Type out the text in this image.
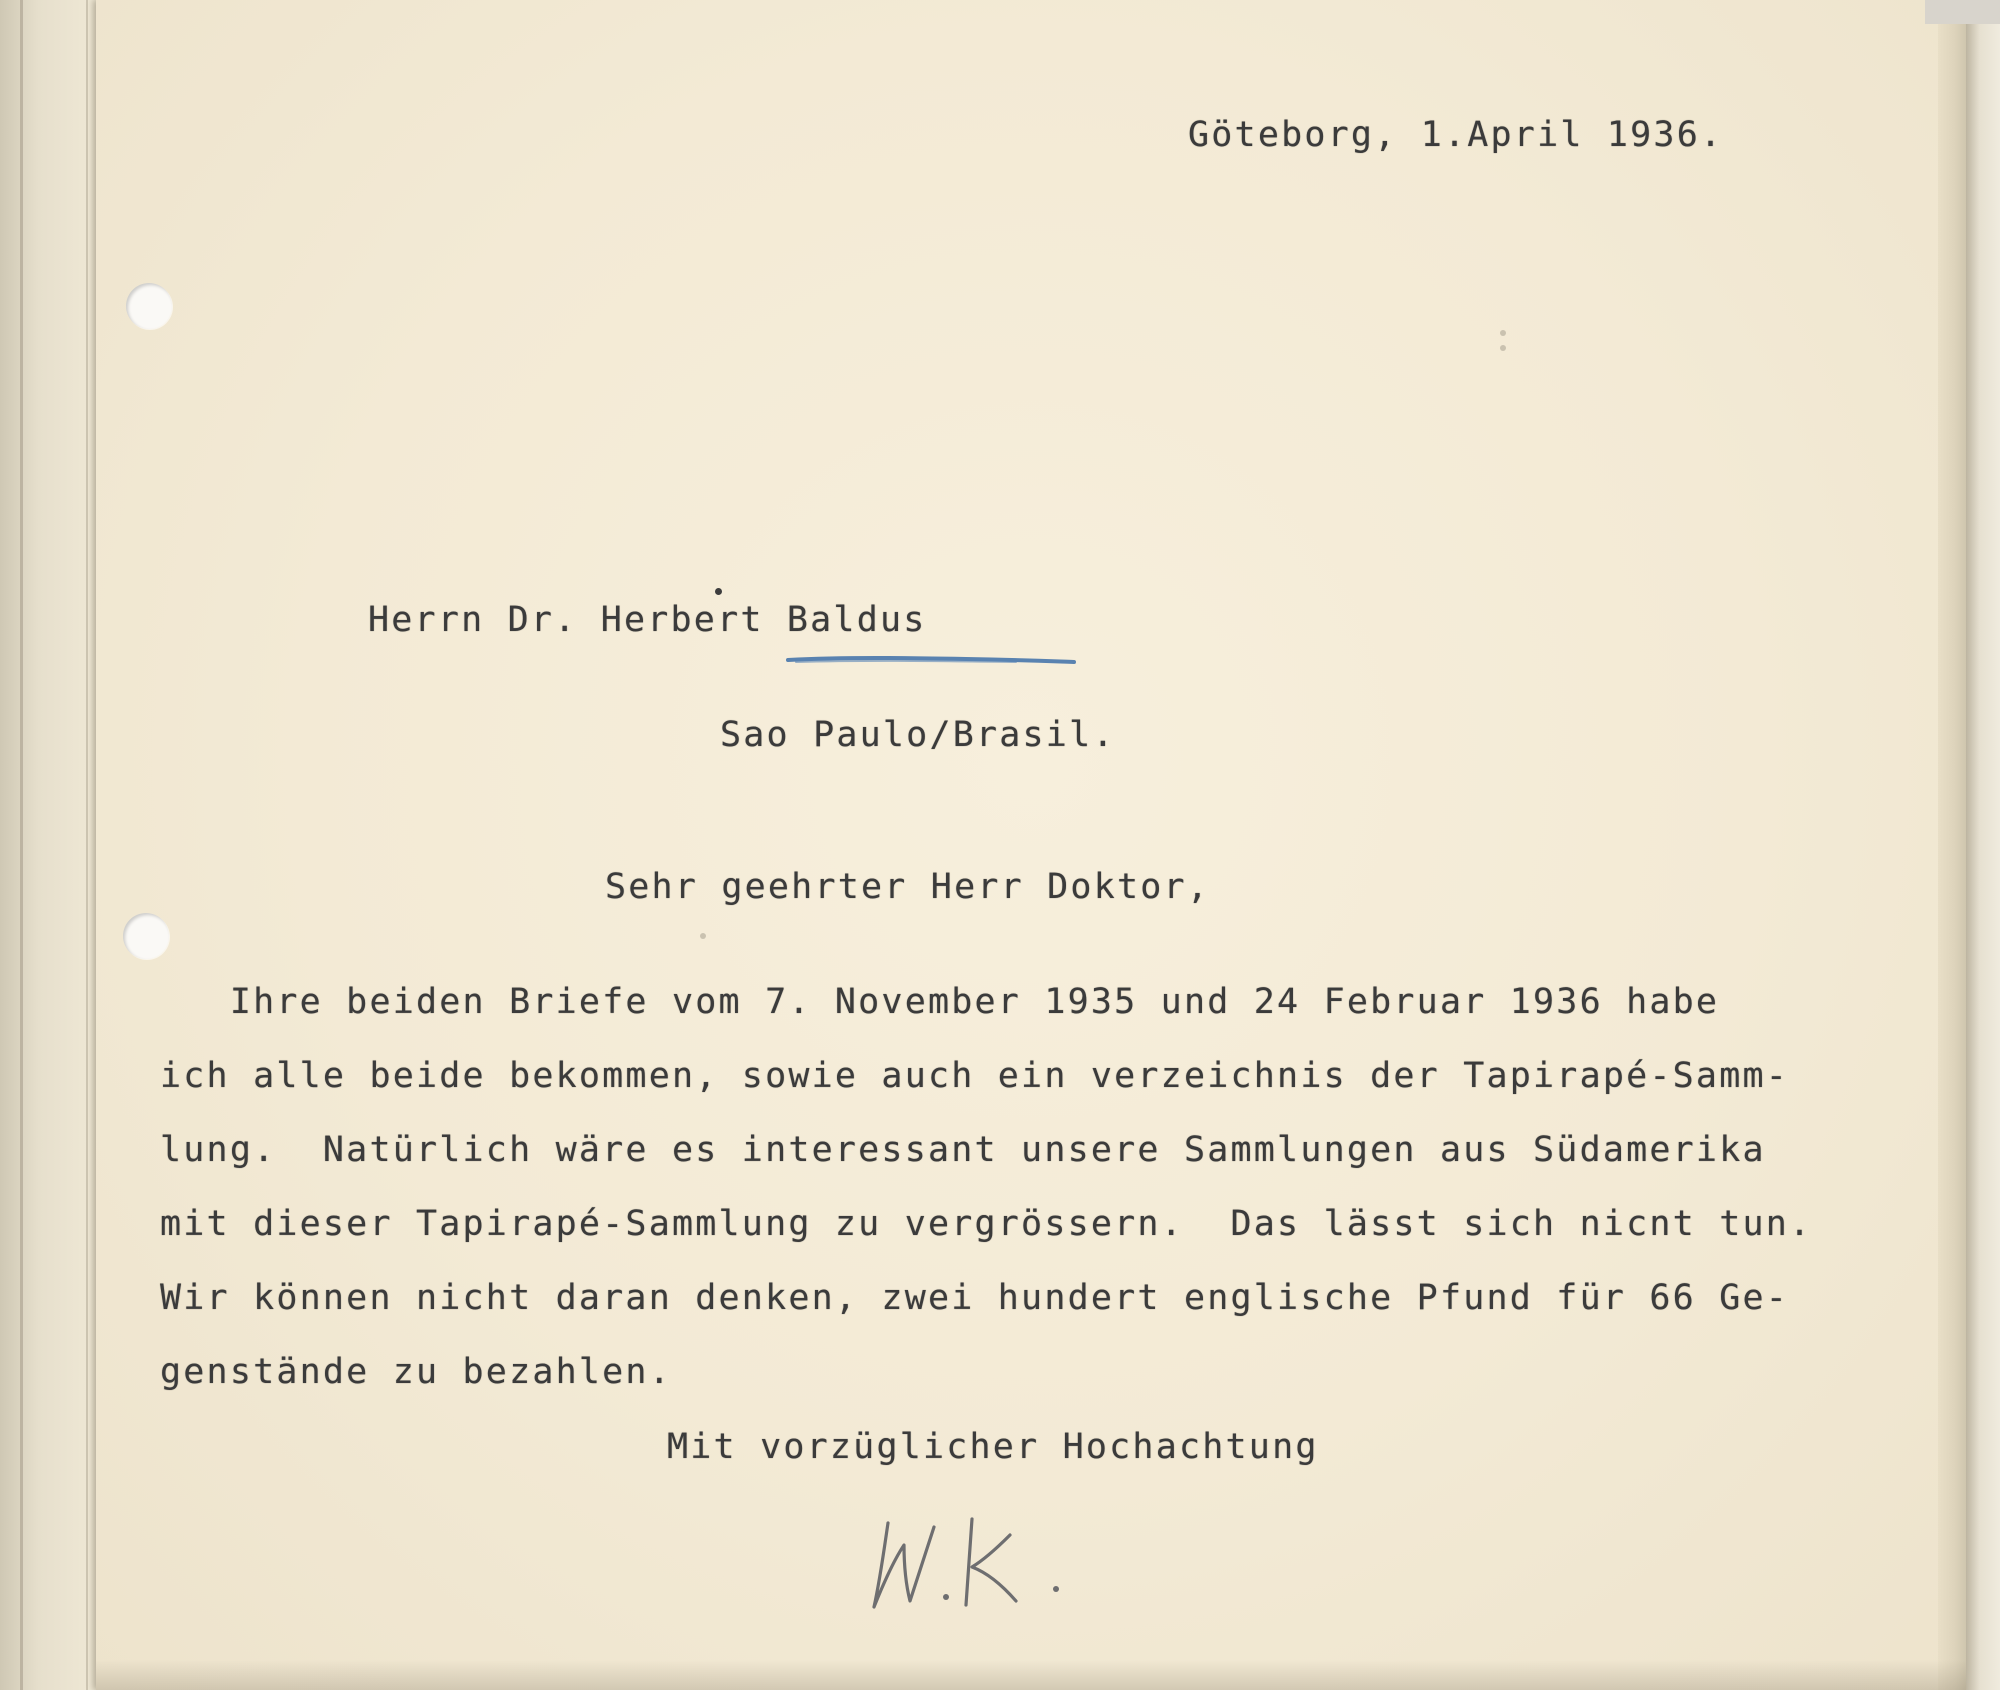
Göteborg, 1.April 1936.
Herrn Dr. Herbert Baldus
Sao Paulo/Brasil.
Sehr geehrter Herr Doktor,
Ihre beiden Briefe vom 7. November 1935 und 24 Februar 1936 habe
ich alle beide bekommen, sowie auch ein verzeichnis der Tapirapé-Samm-
lung.  Natürlich wäre es interessant unsere Sammlungen aus Südamerika
mit dieser Tapirapé-Sammlung zu vergrössern.  Das lässt sich nicnt tun.
Wir können nicht daran denken, zwei hundert englische Pfund für 66 Ge-
genstände zu bezahlen.
Mit vorzüglicher Hochachtung
